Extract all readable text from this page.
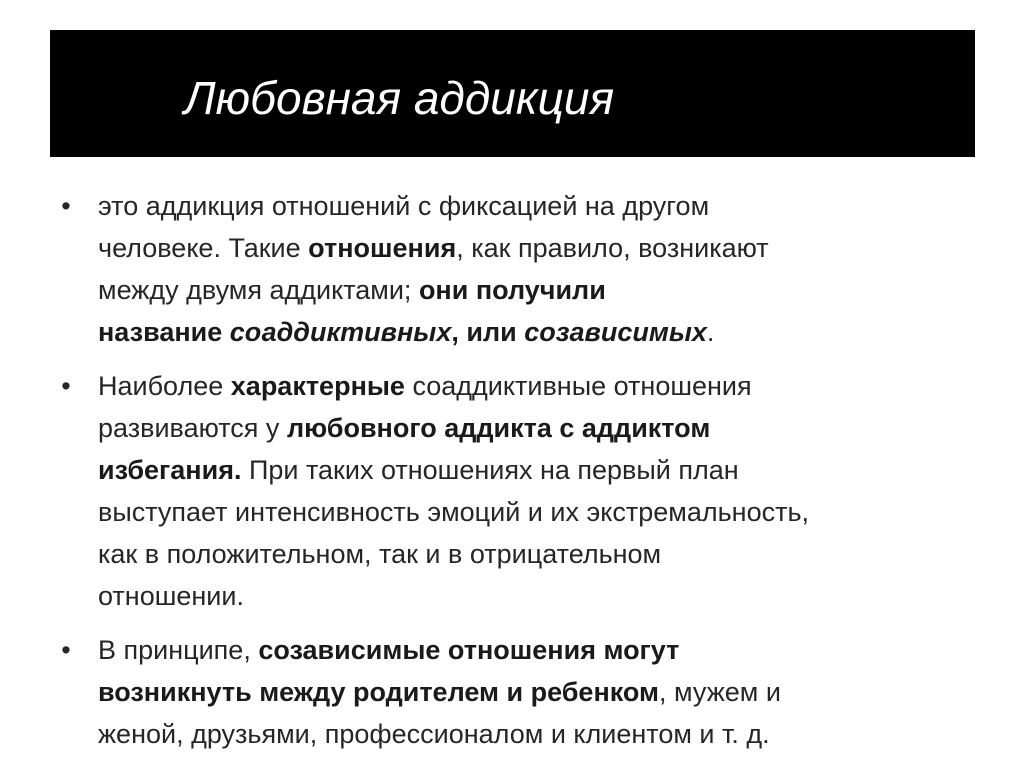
Любовная аддикция
• это аддикция отношений с фиксацией на другом
человеке. Такие отношения, как правило, возникают
между двумя аддиктами; они получили
название соаддиктивных, или созависимых.
• Наиболее характерные соаддиктивные отношения
развиваются у любовного аддикта с аддиктом
избегания. При таких отношениях на первый план
выступает интенсивность эмоций и их экстремальность,
как в положительном, так и в отрицательном
отношении.
• В принципе, созависимые отношения могут
возникнуть между родителем и ребенком, мужем и
женой, друзьями, профессионалом и клиентом и т. д.
